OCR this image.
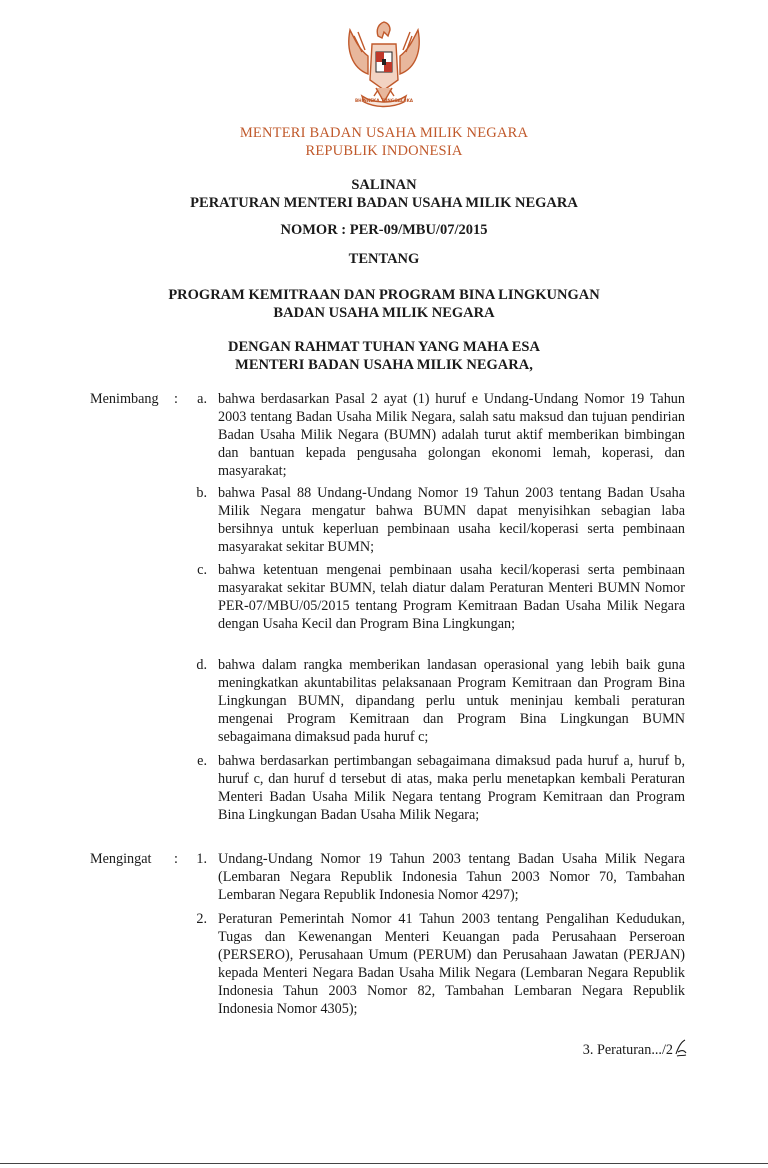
BHINNEKA TUNGGAL IKA
MENTERI BADAN USAHA MILIK NEGARA
REPUBLIK INDONESIA
SALINAN
PERATURAN MENTERI BADAN USAHA MILIK NEGARA
NOMOR : PER-09/MBU/07/2015
TENTANG
PROGRAM KEMITRAAN DAN PROGRAM BINA LINGKUNGAN
BADAN USAHA MILIK NEGARA
DENGAN RAHMAT TUHAN YANG MAHA ESA
MENTERI BADAN USAHA MILIK NEGARA,
Menimbang : a. bahwa berdasarkan Pasal 2 ayat (1) huruf e Undang-Undang Nomor 19 Tahun 2003 tentang Badan Usaha Milik Negara, salah satu maksud dan tujuan pendirian Badan Usaha Milik Negara (BUMN) adalah turut aktif memberikan bimbingan dan bantuan kepada pengusaha golongan ekonomi lemah, koperasi, dan masyarakat;
b. bahwa Pasal 88 Undang-Undang Nomor 19 Tahun 2003 tentang Badan Usaha Milik Negara mengatur bahwa BUMN dapat menyisihkan sebagian laba bersihnya untuk keperluan pembinaan usaha kecil/koperasi serta pembinaan masyarakat sekitar BUMN;
c. bahwa ketentuan mengenai pembinaan usaha kecil/koperasi serta pembinaan masyarakat sekitar BUMN, telah diatur dalam Peraturan Menteri BUMN Nomor PER-07/MBU/05/2015 tentang Program Kemitraan Badan Usaha Milik Negara dengan Usaha Kecil dan Program Bina Lingkungan;
d. bahwa dalam rangka memberikan landasan operasional yang lebih baik guna meningkatkan akuntabilitas pelaksanaan Program Kemitraan dan Program Bina Lingkungan BUMN, dipandang perlu untuk meninjau kembali peraturan mengenai Program Kemitraan dan Program Bina Lingkungan BUMN sebagaimana dimaksud pada huruf c;
e. bahwa berdasarkan pertimbangan sebagaimana dimaksud pada huruf a, huruf b, huruf c, dan huruf d tersebut di atas, maka perlu menetapkan kembali Peraturan Menteri Badan Usaha Milik Negara tentang Program Kemitraan dan Program Bina Lingkungan Badan Usaha Milik Negara;
Mengingat : 1. Undang-Undang Nomor 19 Tahun 2003 tentang Badan Usaha Milik Negara (Lembaran Negara Republik Indonesia Tahun 2003 Nomor 70, Tambahan Lembaran Negara Republik Indonesia Nomor 4297);
2. Peraturan Pemerintah Nomor 41 Tahun 2003 tentang Pengalihan Kedudukan, Tugas dan Kewenangan Menteri Keuangan pada Perusahaan Perseroan (PERSERO), Perusahaan Umum (PERUM) dan Perusahaan Jawatan (PERJAN) kepada Menteri Negara Badan Usaha Milik Negara (Lembaran Negara Republik Indonesia Tahun 2003 Nomor 82, Tambahan Lembaran Negara Republik Indonesia Nomor 4305);
3. Peraturan.../2
